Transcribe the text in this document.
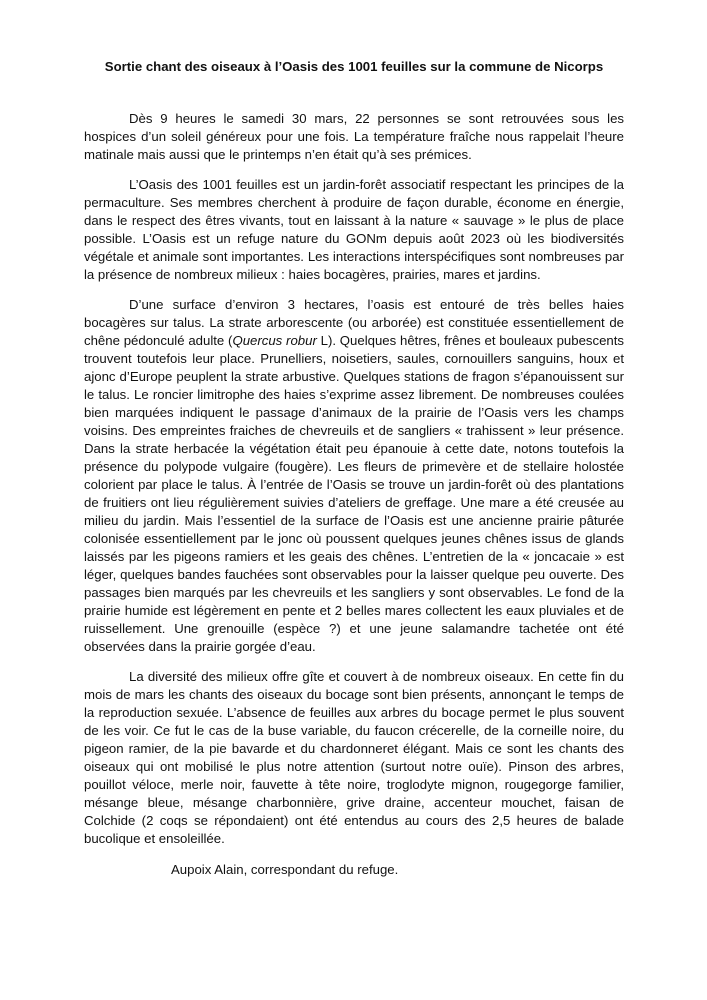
Sortie chant des oiseaux à l’Oasis des 1001 feuilles sur la commune de Nicorps

Dès 9 heures le samedi 30 mars, 22 personnes se sont retrouvées sous les hospices d’un soleil généreux pour une fois. La température fraîche nous rappelait l’heure matinale mais aussi que le printemps n’en était qu’à ses prémices.

L’Oasis des 1001 feuilles est un jardin-forêt associatif respectant les principes de la permaculture. Ses membres cherchent à produire de façon durable, économe en énergie, dans le respect des êtres vivants, tout en laissant à la nature « sauvage » le plus de place possible. L’Oasis est un refuge nature du GONm depuis août 2023 où les biodiversités végétale et animale sont importantes. Les interactions interspécifiques sont nombreuses par la présence de nombreux milieux : haies bocagères, prairies, mares et jardins.

D’une surface d’environ 3 hectares, l’oasis est entouré de très belles haies bocagères sur talus. La strate arborescente (ou arborée) est constituée essentiellement de chêne pédonculé adulte (Quercus robur L). Quelques hêtres, frênes et bouleaux pubescents trouvent toutefois leur place. Prunelliers, noisetiers, saules, cornouillers sanguins, houx et ajonc d’Europe peuplent la strate arbustive. Quelques stations de fragon s’épanouissent sur le talus. Le roncier limitrophe des haies s’exprime assez librement. De nombreuses coulées bien marquées indiquent le passage d’animaux de la prairie de l’Oasis vers les champs voisins. Des empreintes fraiches de chevreuils et de sangliers « trahissent » leur présence. Dans la strate herbacée la végétation était peu épanouie à cette date, notons toutefois la présence du polypode vulgaire (fougère). Les fleurs de primevère et de stellaire holostée colorient par place le talus. À l’entrée de l’Oasis se trouve un jardin-forêt où des plantations de fruitiers ont lieu régulièrement suivies d’ateliers de greffage. Une mare a été creusée au milieu du jardin. Mais l’essentiel de la surface de l’Oasis est une ancienne prairie pâturée colonisée essentiellement par le jonc où poussent quelques jeunes chênes issus de glands laissés par les pigeons ramiers et les geais des chênes. L’entretien de la « joncacaie » est léger, quelques bandes fauchées sont observables pour la laisser quelque peu ouverte. Des passages bien marqués par les chevreuils et les sangliers y sont observables. Le fond de la prairie humide est légèrement en pente et 2 belles mares collectent les eaux pluviales et de ruissellement. Une grenouille (espèce ?) et une jeune salamandre tachetée ont été observées dans la prairie gorgée d’eau.

La diversité des milieux offre gîte et couvert à de nombreux oiseaux. En cette fin du mois de mars les chants des oiseaux du bocage sont bien présents, annonçant le temps de la reproduction sexuée. L’absence de feuilles aux arbres du bocage permet le plus souvent de les voir. Ce fut le cas de la buse variable, du faucon crécerelle, de la corneille noire, du pigeon ramier, de la pie bavarde et du chardonneret élégant. Mais ce sont les chants des oiseaux qui ont mobilisé le plus notre attention (surtout notre ouïe). Pinson des arbres, pouillot véloce, merle noir, fauvette à tête noire, troglodyte mignon, rougegorge familier, mésange bleue, mésange charbonnière, grive draine, accenteur mouchet, faisan de Colchide (2 coqs se répondaient) ont été entendus au cours des 2,5 heures de balade bucolique et ensoleillée.

Aupoix Alain, correspondant du refuge.
